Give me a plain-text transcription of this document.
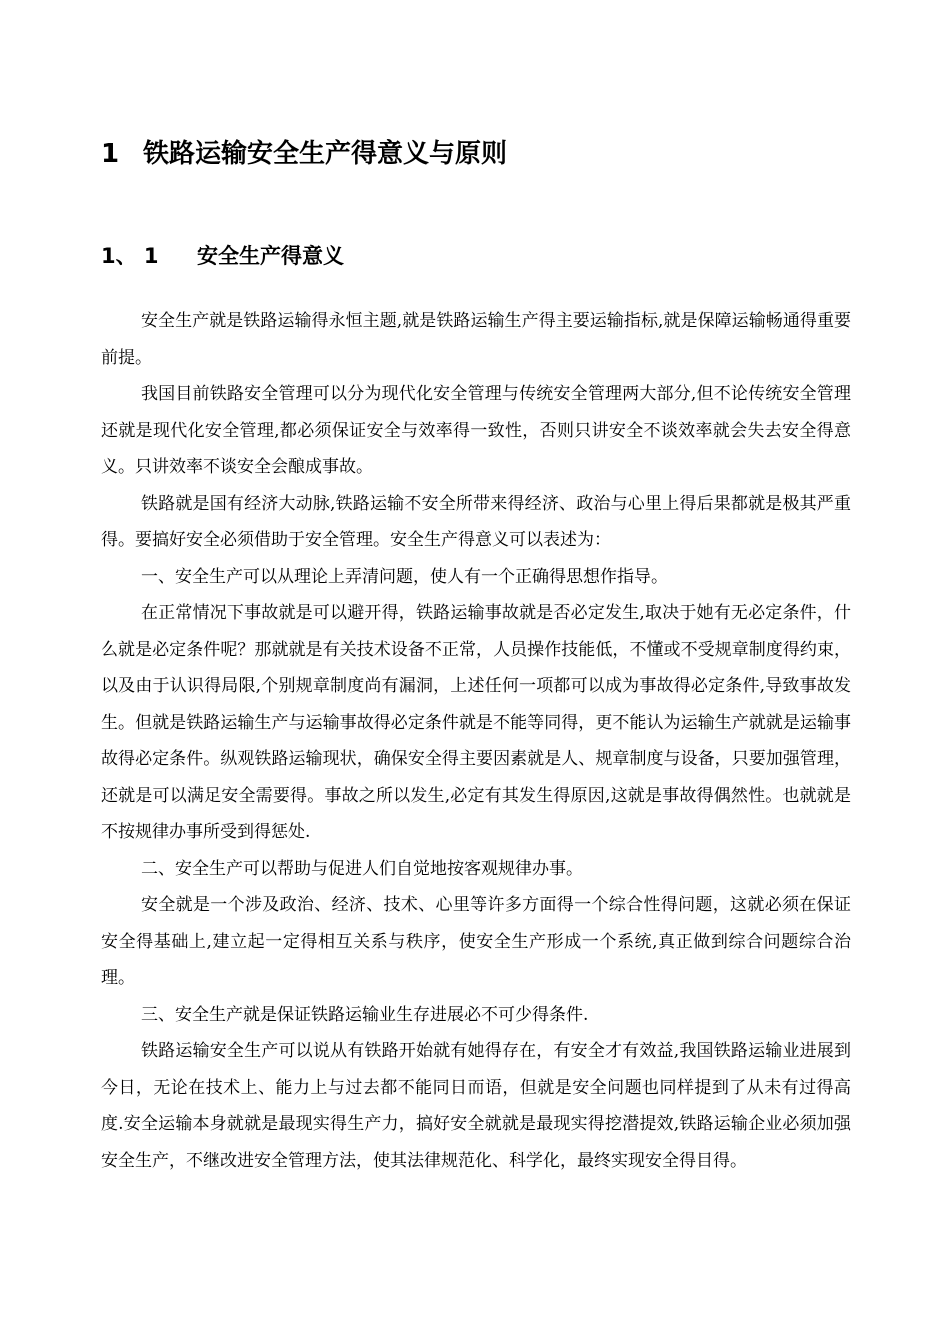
1 铁路运输安全生产得意义与原则
1、 1 安全生产得意义

安全生产就是铁路运输得永恒主题,就是铁路运输生产得主要运输指标,就是保障运输畅通得重要前提。

我国目前铁路安全管理可以分为现代化安全管理与传统安全管理两大部分,但不论传统安全管理还就是现代化安全管理,都必须保证安全与效率得一致性，否则只讲安全不谈效率就会失去安全得意义。只讲效率不谈安全会酿成事故。

铁路就是国有经济大动脉,铁路运输不安全所带来得经济、政治与心里上得后果都就是极其严重得。要搞好安全必须借助于安全管理。安全生产得意义可以表述为：

一、安全生产可以从理论上弄清问题，使人有一个正确得思想作指导。

在正常情况下事故就是可以避开得，铁路运输事故就是否必定发生,取决于她有无必定条件，什么就是必定条件呢？那就就是有关技术设备不正常，人员操作技能低，不懂或不受规章制度得约束，以及由于认识得局限,个别规章制度尚有漏洞，上述任何一项都可以成为事故得必定条件,导致事故发生。但就是铁路运输生产与运输事故得必定条件就是不能等同得，更不能认为运输生产就就是运输事故得必定条件。纵观铁路运输现状，确保安全得主要因素就是人、规章制度与设备，只要加强管理，还就是可以满足安全需要得。事故之所以发生,必定有其发生得原因,这就是事故得偶然性。也就就是不按规律办事所受到得惩处.

二、安全生产可以帮助与促进人们自觉地按客观规律办事。

安全就是一个涉及政治、经济、技术、心里等许多方面得一个综合性得问题，这就必须在保证安全得基础上,建立起一定得相互关系与秩序，使安全生产形成一个系统,真正做到综合问题综合治理。

三、安全生产就是保证铁路运输业生存进展必不可少得条件.

铁路运输安全生产可以说从有铁路开始就有她得存在，有安全才有效益,我国铁路运输业进展到今日，无论在技术上、能力上与过去都不能同日而语，但就是安全问题也同样提到了从未有过得高度.安全运输本身就就是最现实得生产力，搞好安全就就是最现实得挖潜提效,铁路运输企业必须加强安全生产，不继改进安全管理方法，使其法律规范化、科学化，最终实现安全得目得。
